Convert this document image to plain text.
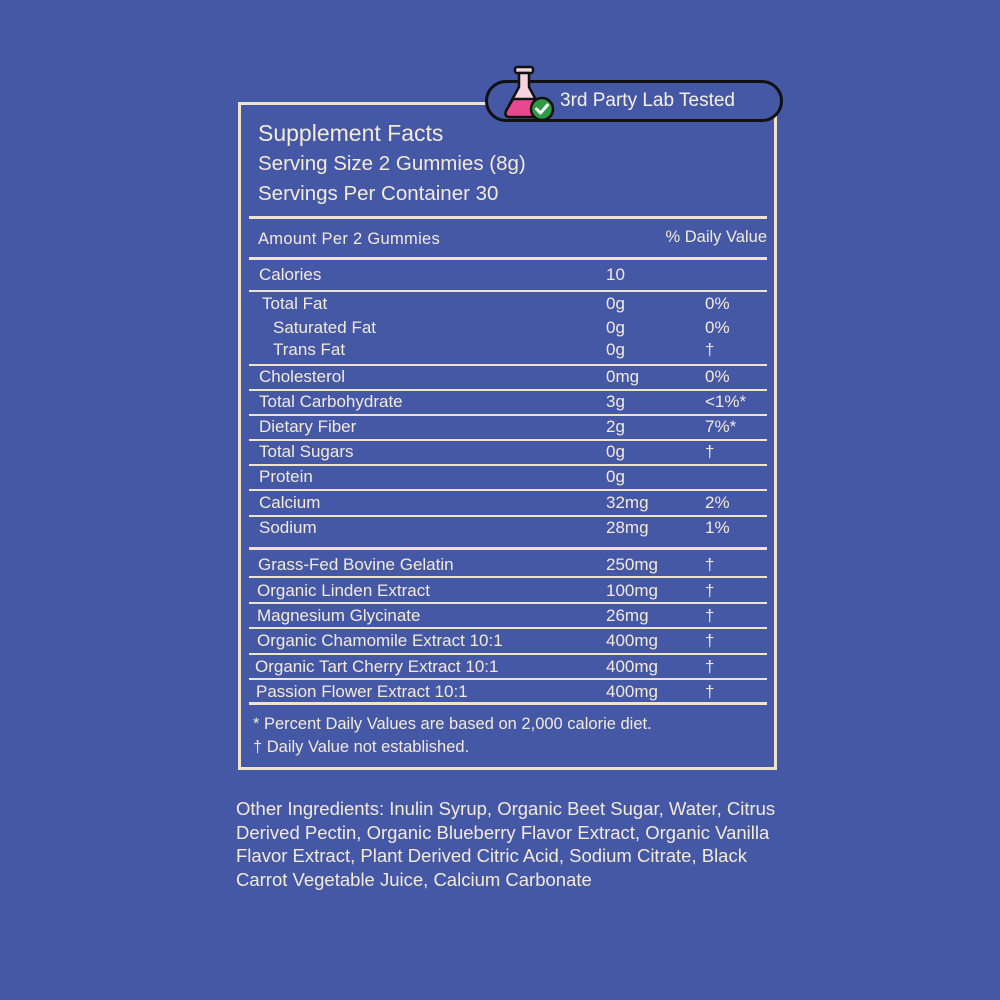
3rd Party Lab Tested
Supplement Facts
Serving Size 2 Gummies (8g)
Servings Per Container 30
Amount Per 2 Gummies	% Daily Value
Calories	10
Total Fat	0g	0%
Saturated Fat	0g	0%
Trans Fat	0g	†
Cholesterol	0mg	0%
Total Carbohydrate	3g	<1%*
Dietary Fiber	2g	7%*
Total Sugars	0g	†
Protein	0g
Calcium	32mg	2%
Sodium	28mg	1%
Grass-Fed Bovine Gelatin	250mg	†
Organic Linden Extract	100mg	†
Magnesium Glycinate	26mg	†
Organic Chamomile Extract 10:1	400mg	†
Organic Tart Cherry Extract 10:1	400mg	†
Passion Flower Extract 10:1	400mg	†
* Percent Daily Values are based on 2,000 calorie diet.
† Daily Value not established.
Other Ingredients: Inulin Syrup, Organic Beet Sugar, Water, Citrus Derived Pectin, Organic Blueberry Flavor Extract, Organic Vanilla Flavor Extract, Plant Derived Citric Acid, Sodium Citrate, Black Carrot Vegetable Juice, Calcium Carbonate
